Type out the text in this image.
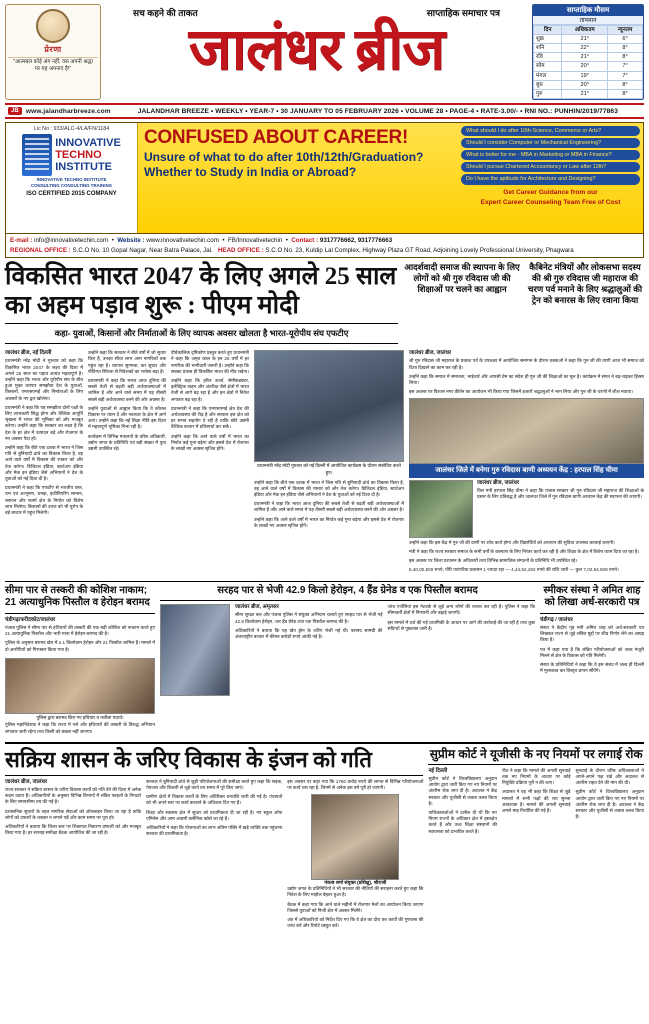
प्रेरणा
"आत्मबल कोई अंग नहीं, वस अपनी श्रद्धा पर यह अपनाए है!"
सच कहने की ताकत	साप्ताहिक समाचार पत्र
जालंधर ब्रीज
साप्ताहिक मौसम
तापमान
दिन	अधिकतम	न्यूनतम
शुक्र	21°	6°
शनि	22°	8°
रवि	21°	8°
सोम	20°	7°
मंगल	19°	7°
बुध	20°	8°
गुरु	21°	8°
JB	www.jalandharbreeze.com	JALANDHAR BREEZE • WEEKLY • YEAR-7 • 30 JANUARY TO 05 FEBRUARY 2026 • VOLUME 28 • PAGE-4 • RATE-3.00/- • RNI NO.: PUNHIN/2019/77863
Lic No : 933/ALC-4/LA/FN/1184
INNOVATIVE
TECHNO
INSTITUTE
INNOVATIVE TECHNO INSTITUTE
CONSULTING CONSULTING TRAINING
ISO CERTIFIED 2015 COMPANY
CONFUSED ABOUT CAREER!
Unsure of what to do after 10th/12th/Graduation?
Whether to Study in India or Abroad?
What should I do after 10th-Science, Commerce or Arts?
Should I consider Computer or Mechanical Engineering?
What is better for me - MBA in Marketing or MBA in Finance?
Should I pursue Chartered Accountancy or Law after 12th?
Do I have the aptitude for Architecture and Designing?
Get Career Guidance from our
Expert Career Counseling Team Free of Cost
E-mail : info@innovativetechin.com  •  Website : www.innovativetechin.com  •  FB/Innovativetechin  •  Contact : 9317776662, 9317776663
REGIONAL OFFICE : S.C.O No. 10 Gopal Nagar, Near Batra Palace, Jal. HEAD OFFICE : S.C.O No. 23, Kuldip Lal Complex, Highway Plaza GT Road, Adjoining Lovely Professional University, Phagwara
विकसित भारत 2047 के लिए अगले 25 साल का अहम पड़ाव शुरू : पीएम मोदी
कहा- युवाओं, किसानों और निर्माताओं के लिए व्यापक अवसर खोलता है भारत-यूरोपीय संघ एफटीए
आदर्शवादी समाज की स्थापना के लिए लोगों को श्री गुरु रविदास जी की शिक्षाओं पर चलने का आह्वान
कैबिनेट मंत्रियों और लोकसभा सदस्य की श्री गुरु रविदास जी महाराज की चरण पर्व मनाने के लिए श्रद्धालुओं की ट्रेन को बनारस के लिए रवाना किया
जालंधर ब्रीज, नई दिल्ली

प्रधानमंत्री नरेंद्र मोदी ने गुरुवार को कहा कि विकसित भारत 2047 के लक्ष्य की दिशा में अगले 25 साल का पड़ाव अत्यंत महत्वपूर्ण है। उन्होंने कहा कि भारत और यूरोपीय संघ के बीच हुआ मुक्त व्यापार समझौता देश के युवाओं, किसानों, एमएसएमई और निर्माताओं के लिए अवसरों के नए द्वार खोलेगा।

प्रधानमंत्री ने कहा कि यह समझौता दोनों पक्षों के लिए लाभकारी सिद्ध होगा और वैश्विक आपूर्ति श्रृंखला में भारत की भूमिका को और मजबूत करेगा। उन्होंने कहा कि सरकार का लक्ष्य है कि देश के हर क्षेत्र में उत्पादन बढ़े और रोजगार के नए अवसर पैदा हों।

उन्होंने कहा कि बीते एक दशक में भारत ने जिस गति से बुनियादी ढांचे का विकास किया है, वह आने वाले वर्षों में विकास की रफ्तार को और तेज करेगा। डिजिटल इंडिया, स्टार्टअप इंडिया और मेक इन इंडिया जैसे अभियानों ने देश के युवाओं को नई दिशा दी है।

प्रधानमंत्री ने कहा कि एफटीए से भारतीय वस्त्र, रत्न एवं आभूषण, चमड़ा, इंजीनियरिंग सामान, रसायन और फार्मा क्षेत्र के निर्यात को विशेष लाभ मिलेगा। किसानों की उपज को भी यूरोप के बड़े बाजार में पहुंच मिलेगी।

उन्होंने कहा कि सरकार ने बीते वर्षों में जो सुधार किए हैं, उनका सीधा लाभ आम नागरिकों तक पहुंच रहा है। व्यापार सुगमता, कर सुधार और नीतिगत स्थिरता से निवेशकों का भरोसा बढ़ा है।

प्रधानमंत्री ने कहा कि भारत आज दुनिया की सबसे तेजी से बढ़ती बड़ी अर्थव्यवस्थाओं में शामिल है और आने वाले समय में यह तीसरी सबसे बड़ी अर्थव्यवस्था बनने की ओर अग्रसर है।

उन्होंने युवाओं से आह्वान किया कि वे कौशल विकास पर ध्यान दें और नवाचार के क्षेत्र में आगे आएं। उन्होंने कहा कि नई शिक्षा नीति इस दिशा में महत्वपूर्ण भूमिका निभा रही है।

कार्यक्रम में विभिन्न मंत्रालयों के वरिष्ठ अधिकारी, उद्योग जगत के प्रतिनिधि एवं बड़ी संख्या में युवा उद्यमी उपस्थित रहे।

दीर्घकालिक दृष्टिकोण प्रस्तुत करते हुए प्रधानमंत्री ने कहा कि अमृत काल के इन 25 वर्षों में हर नागरिक की भागीदारी जरूरी है। उन्होंने कहा कि सबका प्रयास ही विकसित भारत की नींव रखेगा।

उन्होंने कहा कि हरित ऊर्जा, सेमीकंडक्टर, इलेक्ट्रिक वाहन और अंतरिक्ष जैसे क्षेत्रों में भारत तेजी से आगे बढ़ रहा है और इन क्षेत्रों में निवेश लगातार बढ़ रहा है।

प्रधानमंत्री ने कहा कि एमएसएमई क्षेत्र देश की अर्थव्यवस्था की रीढ़ है और सरकार इस क्षेत्र को हर संभव सहयोग दे रही है ताकि छोटे उद्यमी वैश्विक बाजार में प्रतिस्पर्धा कर सकें।

उन्होंने कहा कि आने वाले वर्षों में भारत का निर्यात कई गुना बढ़ेगा और इससे देश में रोजगार के लाखों नए अवसर सृजित होंगे।

प्रधानमंत्री नरेंद्र मोदी गुरुवार को नई दिल्ली में आयोजित कार्यक्रम के दौरान संबोधित करते हुए।

उन्होंने कहा कि बीते एक दशक में भारत ने जिस गति से बुनियादी ढांचे का विकास किया है, वह आने वाले वर्षों में विकास की रफ्तार को और तेज करेगा। डिजिटल इंडिया, स्टार्टअप इंडिया और मेक इन इंडिया जैसे अभियानों ने देश के युवाओं को नई दिशा दी है।

प्रधानमंत्री ने कहा कि भारत आज दुनिया की सबसे तेजी से बढ़ती बड़ी अर्थव्यवस्थाओं में शामिल है और आने वाले समय में यह तीसरी सबसे बड़ी अर्थव्यवस्था बनने की ओर अग्रसर है।

उन्होंने कहा कि आने वाले वर्षों में भारत का निर्यात कई गुना बढ़ेगा और इससे देश में रोजगार के लाखों नए अवसर सृजित होंगे।

जालंधर ब्रीज, जालंधर

श्री गुरु रविदास जी महाराज के प्रकाश पर्व के उपलक्ष्य में आयोजित समागम के दौरान वक्ताओं ने कहा कि गुरु जी की वाणी आज भी समाज को दिशा दिखाने का काम कर रही है।

उन्होंने कहा कि समाज में समानता, भाईचारे और आपसी प्रेम का संदेश ही गुरु जी की शिक्षाओं का मूल है। कार्यक्रम में संगत ने बढ़-चढ़कर हिस्सा लिया।

इस अवसर पर विशाल नगर कीर्तन का आयोजन भी किया गया जिसमें हजारों श्रद्धालुओं ने भाग लिया और गुरु जी के चरणों में शीश नवाया।

जालंधर जिले में बनेगा गुरु रविदास बाणी अध्ययन केंद्र : हरपाल सिंह चीमा
जालंधर ब्रीज, जालंधर

वित्त मंत्री हरपाल सिंह चीमा ने कहा कि पंजाब सरकार श्री गुरु रविदास जी महाराज की शिक्षाओं के प्रसार के लिए प्रतिबद्ध है और जालंधर जिले में गुरु रविदास बाणी अध्ययन केंद्र की स्थापना की जाएगी।

उन्होंने कहा कि इस केंद्र में गुरु जी की वाणी पर शोध कार्य होगा और विद्यार्थियों को अध्ययन की सुविधा उपलब्ध करवाई जाएगी।

मंत्री ने कहा कि राज्य सरकार समाज के सभी वर्गों के कल्याण के लिए निरंतर कार्य कर रही है और शिक्षा के क्षेत्र में विशेष ध्यान दिया जा रहा है।

इस अवसर पर जिला प्रशासन के अधिकारी तथा विभिन्न सामाजिक संगठनों के प्रतिनिधि भी उपस्थित रहे।

5,40,00,500 रुपये, पीरि पारंपरिक प्रशासन 1 ज्यादा रहा — 4,44,62,192 रुपये की राशि जारी — कुल 7,02,54,609 रुपये।

सीमा पार से तस्करी की कोशिश नाकाम; 21 अत्याधुनिक पिस्तौल व हेरोइन बरामद
चंडीगढ़/फरीदकोट/जालंधर

पंजाब पुलिस ने सीमा पार से हथियारों की तस्करी की एक बड़ी कोशिश को नाकाम करते हुए 21 अत्याधुनिक पिस्तौल और भारी मात्रा में हेरोइन बरामद की है।

पुलिस के अनुसार बरामद खेप में 2.1 किलोग्राम हेरोइन और 21 पिस्तौल शामिल हैं। मामले में दो आरोपियों को गिरफ्तार किया गया है।

पुलिस द्वारा बरामद किए गए हथियार व नशीला पदार्थ।

पुलिस महानिदेशक ने कहा कि राज्य में नशे और हथियारों की तस्करी के विरुद्ध अभियान लगातार जारी रहेगा तथा किसी को बख्शा नहीं जाएगा।

सरहद पार से भेजी 42.9 किलो हेरोइन, 4 हैंड ग्रेनेड व एक पिस्तौल बरामद
जालंधर ब्रीज, अमृतसर

सीमा सुरक्षा बल और पंजाब पुलिस ने संयुक्त अभियान चलाते हुए सरहद पार से भेजी गई 42.9 किलोग्राम हेरोइन, चार हैंड ग्रेनेड तथा एक पिस्तौल बरामद की है।

अधिकारियों ने बताया कि यह खेप ड्रोन के जरिए भेजी गई थी। बरामद सामग्री की अंतरराष्ट्रीय बाजार में कीमत करोड़ों रुपये आंकी गई है।

जांच एजेंसियां इस नेटवर्क से जुड़े अन्य लोगों की तलाश कर रही हैं। पुलिस ने कहा कि सीमावर्ती क्षेत्रों में निगरानी और बढ़ाई जाएगी।

इस मामले में दर्ज की गई प्राथमिकी के आधार पर आगे की कार्रवाई की जा रही है तथा कुछ संदिग्धों से पूछताछ जारी है।

स्मीकर संस्था ने अमित शाह को लिखा अर्ध-सरकारी पत्र
चंडीगढ़ / जालंधर

संस्था ने केंद्रीय गृह मंत्री अमित शाह को अर्ध-सरकारी पत्र लिखकर राज्य से जुड़े लंबित मुद्दों पर शीघ्र निर्णय लेने का आग्रह किया है।

पत्र में कहा गया है कि लंबित परियोजनाओं को जल्द मंजूरी मिलने से क्षेत्र के विकास को गति मिलेगी।

संस्था के प्रतिनिधियों ने कहा कि वे इस संबंध में जल्द ही दिल्ली में मुलाकात कर विस्तृत ज्ञापन सौंपेंगे।

सक्रिय शासन के जरिए विकास के इंजन को गति
जालंधर ब्रीज, जालंधर

राज्य सरकार ने सक्रिय शासन के जरिए विकास कार्यों को गति देने की दिशा में अनेक कदम उठाए हैं। अधिकारियों के अनुसार विभिन्न विभागों में लंबित फाइलों के निपटारे के लिए समयसीमा तय की गई है।

प्रशासनिक सुधारों के तहत नागरिक सेवाओं को ऑनलाइन किया जा रहा है ताकि लोगों को दफ्तरों के चक्कर न लगाने पड़ें और काम समय पर पूरा हो।

अधिकारियों ने बताया कि जिला स्तर पर शिकायत निवारण प्रणाली को और मजबूत किया गया है। हर सप्ताह समीक्षा बैठक आयोजित की जा रही है।

सरकार ने बुनियादी ढांचे से जुड़ी परियोजनाओं की समीक्षा करते हुए कहा कि सड़क, पेयजल और बिजली से जुड़े कार्य तय समय में पूरे किए जाएं।

ग्रामीण क्षेत्रों में विकास कार्यों के लिए अतिरिक्त धनराशि जारी की गई है। पंचायतों को भी अपने स्तर पर कार्य करवाने के अधिकार दिए गए हैं।

शिक्षा और स्वास्थ्य क्षेत्र में सुधार को प्राथमिकता दी जा रही है। नए स्कूल ऑफ एमिनेंस और आम आदमी क्लीनिक खोले जा रहे हैं।

अधिकारियों ने कहा कि योजनाओं का लाभ अंतिम पंक्ति में खड़े व्यक्ति तक पहुंचाना सरकार की प्राथमिकता है।

इस अवसर पर कहा गया कि 1780 करोड़ रुपये की लागत से विभिन्न परियोजनाओं पर कार्य चल रहा है, जिनमें से अनेक इस वर्ष पूरी हो जाएंगी।

पंकज शर्मा संयुक्त (प्रशिक्षु), श्रीराजी

उद्योग जगत के प्रतिनिधियों ने भी सरकार की नीतियों की सराहना करते हुए कहा कि निवेश के लिए माहौल बेहतर हुआ है।

बैठक में कहा गया कि आने वाले महीनों में रोजगार मेलों का आयोजन किया जाएगा जिससे युवाओं को निजी क्षेत्र में अवसर मिलेंगे।

अंत में अधिकारियों को निर्देश दिए गए कि वे क्षेत्र का दौरा कर कार्यों की गुणवत्ता की जांच करें और रिपोर्ट प्रस्तुत करें।

सुप्रीम कोर्ट ने यूजीसी के नए नियमों पर लगाई रोक
नई दिल्ली

सुप्रीम कोर्ट ने विश्वविद्यालय अनुदान आयोग द्वारा जारी किए गए नए नियमों पर अंतरिम रोक लगा दी है। अदालत ने केंद्र सरकार और यूजीसी से जवाब तलब किया है।

याचिकाकर्ताओं ने दलील दी थी कि नए नियम राज्यों के अधिकार क्षेत्र में हस्तक्षेप करते हैं और उच्च शिक्षा संस्थानों की स्वायत्तता को प्रभावित करते हैं।

पीठ ने कहा कि मामले की अगली सुनवाई तक नए नियमों के आधार पर कोई नियुक्ति प्रक्रिया पूरी न की जाए।

अदालत ने यह भी कहा कि शिक्षा से जुड़े मामलों में सभी पक्षों की राय सुनना आवश्यक है। मामले की अगली सुनवाई अगले माह निर्धारित की गई है।

सुनवाई के दौरान वरिष्ठ अधिवक्ताओं ने अपने-अपने पक्ष रखे और अदालत से अंतरिम राहत देने की मांग की थी।

सुप्रीम कोर्ट ने विश्वविद्यालय अनुदान आयोग द्वारा जारी किए गए नए नियमों पर अंतरिम रोक लगा दी है। अदालत ने केंद्र सरकार और यूजीसी से जवाब तलब किया है।
